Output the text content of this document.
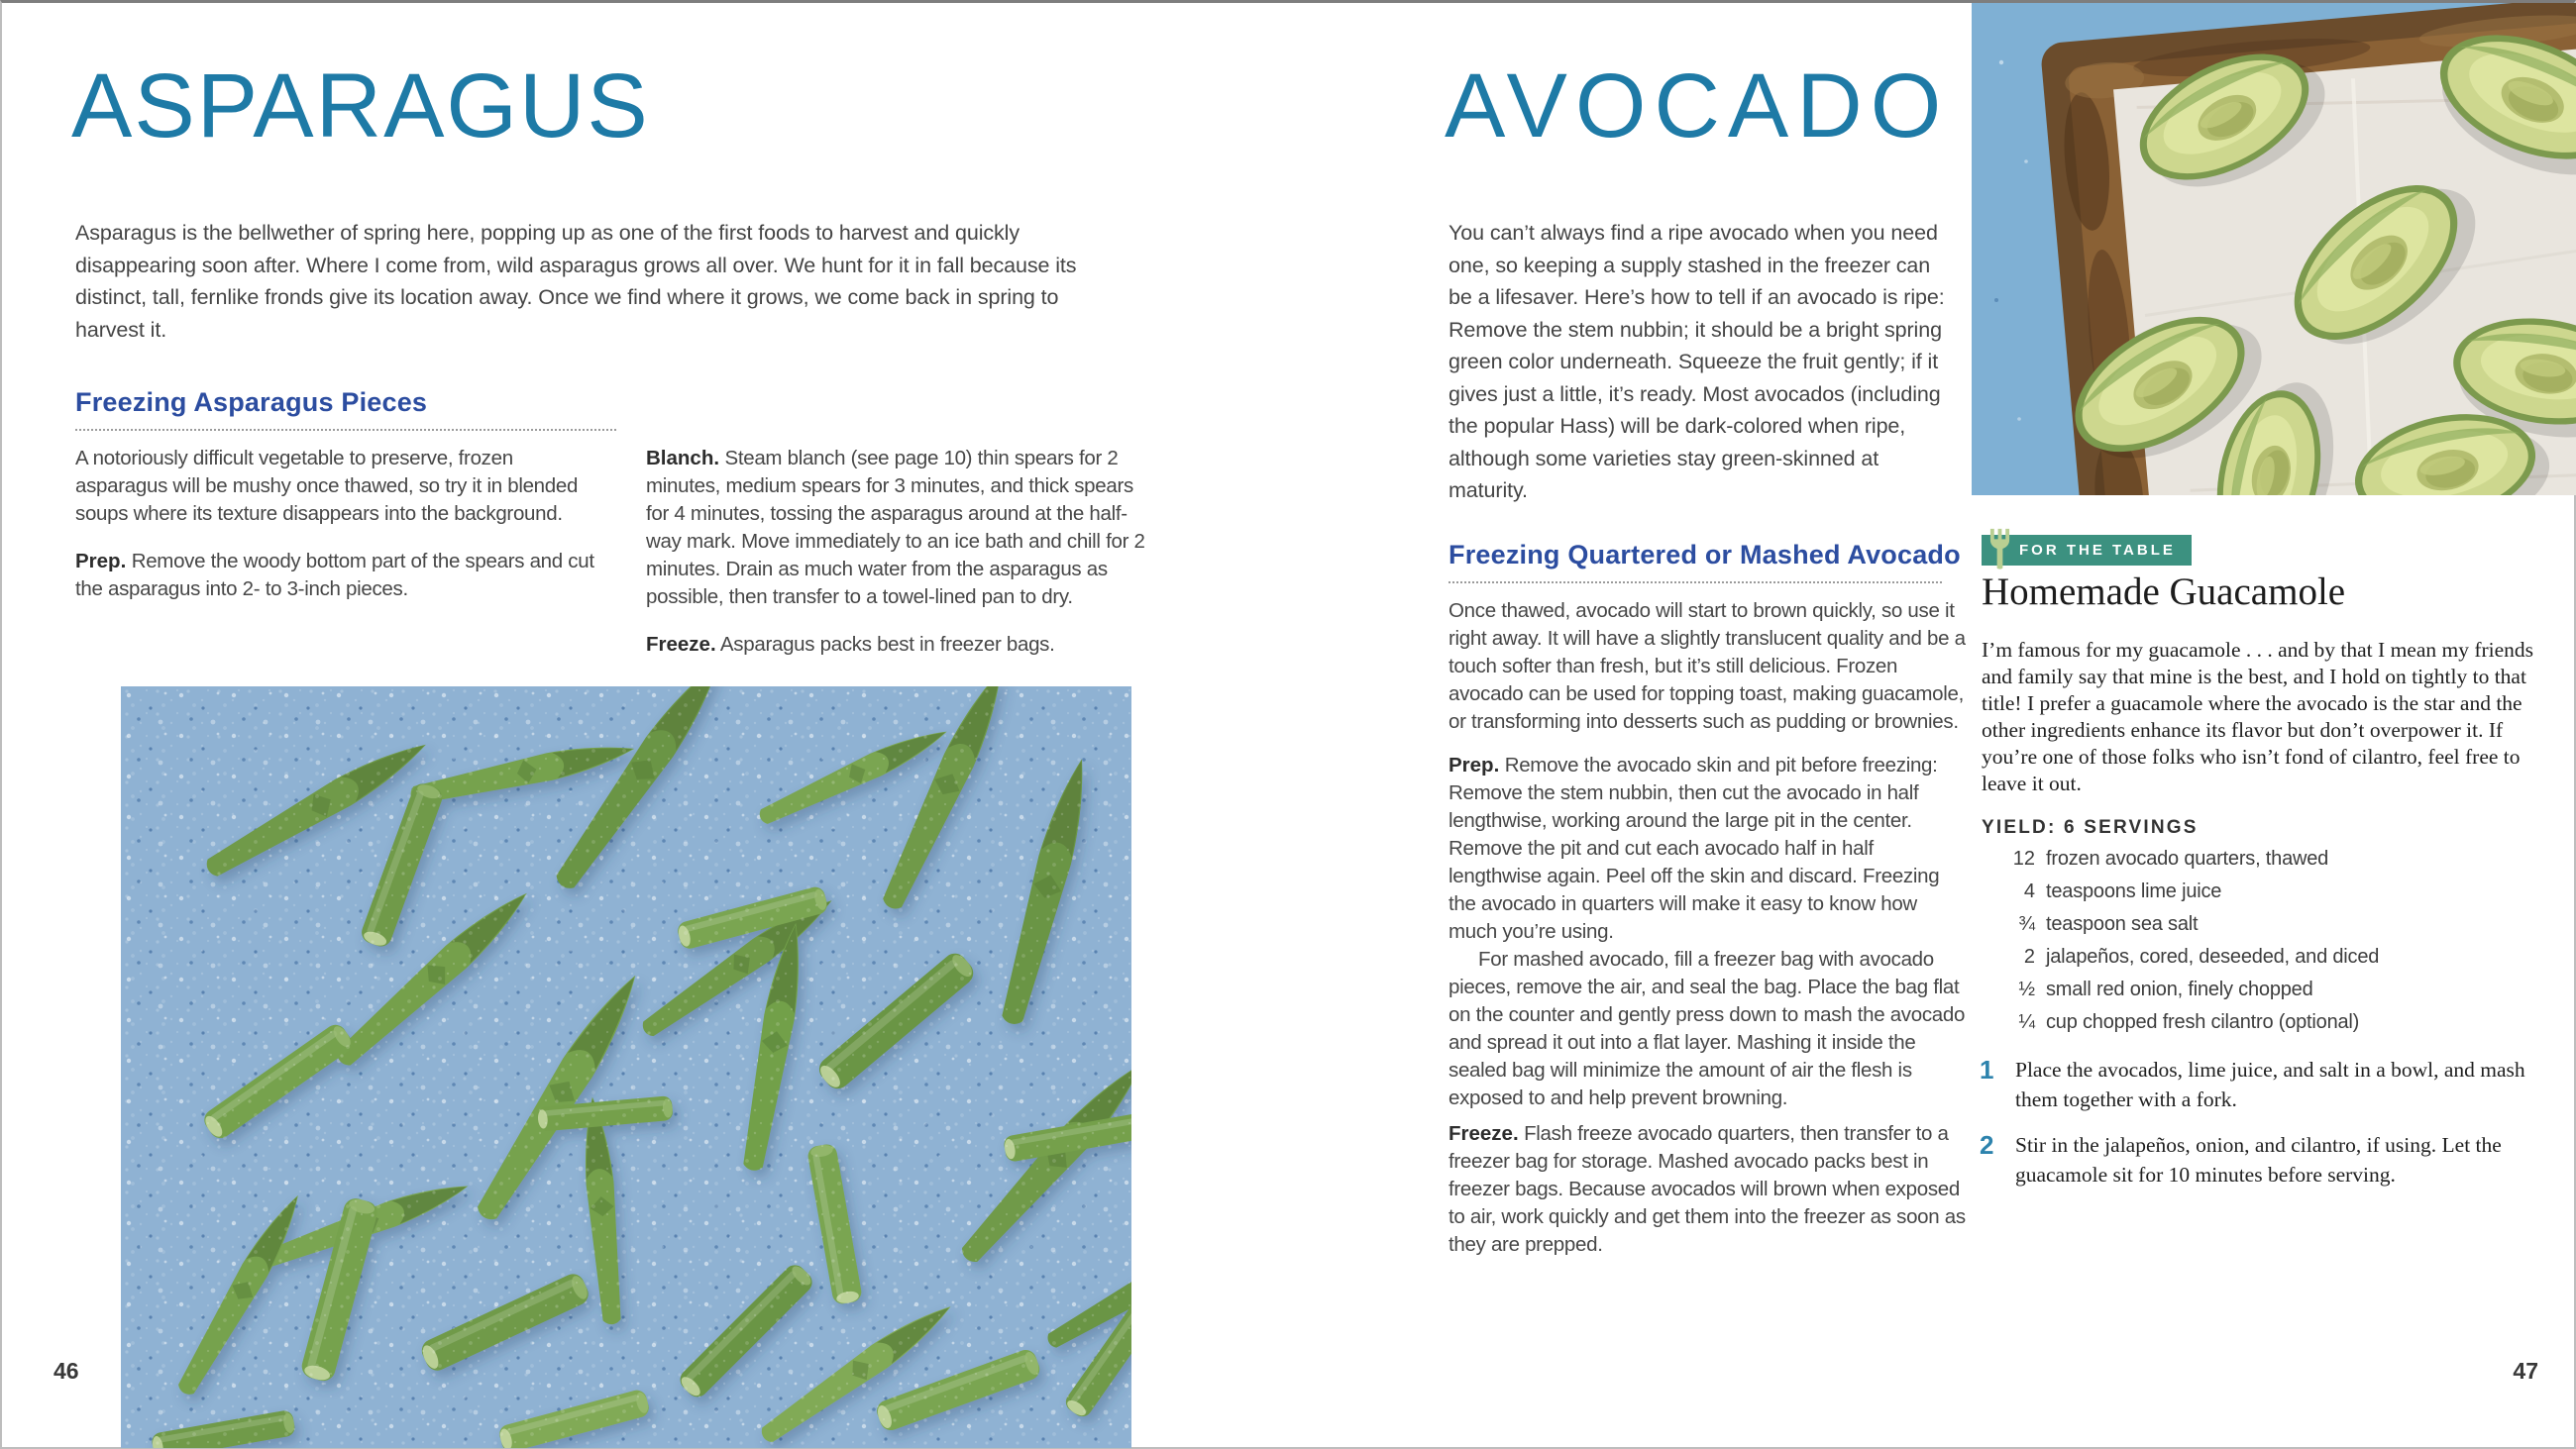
ASPARAGUS

Asparagus is the bellwether of spring here, popping up as one of the first foods to harvest and quickly disappearing soon after. Where I come from, wild asparagus grows all over. We hunt for it in fall because its distinct, tall, fernlike fronds give its location away. Once we find where it grows, we come back in spring to harvest it.

Freezing Asparagus Pieces

A notoriously difficult vegetable to preserve, frozen asparagus will be mushy once thawed, so try it in blended soups where its texture disappears into the background.

Prep. Remove the woody bottom part of the spears and cut the asparagus into 2- to 3-inch pieces.

Blanch. Steam blanch (see page 10) thin spears for 2 minutes, medium spears for 3 minutes, and thick spears for 4 minutes, tossing the asparagus around at the half-way mark. Move immediately to an ice bath and chill for 2 minutes. Drain as much water from the asparagus as possible, then transfer to a towel-lined pan to dry.

Freeze. Asparagus packs best in freezer bags.

46
AVOCADO

You can’t always find a ripe avocado when you need one, so keeping a supply stashed in the freezer can be a lifesaver. Here’s how to tell if an avocado is ripe: Remove the stem nubbin; it should be a bright spring green color underneath. Squeeze the fruit gently; if it gives just a little, it’s ready. Most avocados (including the popular Hass) will be dark-colored when ripe, although some varieties stay green-skinned at maturity.

Freezing Quartered or Mashed Avocado

Once thawed, avocado will start to brown quickly, so use it right away. It will have a slightly translucent quality and be a touch softer than fresh, but it’s still delicious. Frozen avocado can be used for topping toast, making guacamole, or transforming into desserts such as pudding or brownies.

Prep. Remove the avocado skin and pit before freezing: Remove the stem nubbin, then cut the avocado in half lengthwise, working around the large pit in the center. Remove the pit and cut each avocado half in half lengthwise again. Peel off the skin and discard. Freezing the avocado in quarters will make it easy to know how much you’re using.

For mashed avocado, fill a freezer bag with avocado pieces, remove the air, and seal the bag. Place the bag flat on the counter and gently press down to mash the avocado and spread it out into a flat layer. Mashing it inside the sealed bag will minimize the amount of air the flesh is exposed to and help prevent browning.

Freeze. Flash freeze avocado quarters, then transfer to a freezer bag for storage. Mashed avocado packs best in freezer bags. Because avocados will brown when exposed to air, work quickly and get them into the freezer as soon as they are prepped.

47
FOR THE TABLE
Homemade Guacamole

I’m famous for my guacamole . . . and by that I mean my friends and family say that mine is the best, and I hold on tightly to that title! I prefer a guacamole where the avocado is the star and the other ingredients enhance its flavor but don’t overpower it. If you’re one of those folks who isn’t fond of cilantro, feel free to leave it out.

YIELD: 6 SERVINGS
12 frozen avocado quarters, thawed
4 teaspoons lime juice
¾ teaspoon sea salt
2 jalapeños, cored, deseeded, and diced
½ small red onion, finely chopped
¼ cup chopped fresh cilantro (optional)
1	Place the avocados, lime juice, and salt in a bowl, and mash them together with a fork.
2	Stir in the jalapeños, onion, and cilantro, if using. Let the guacamole sit for 10 minutes before serving.
